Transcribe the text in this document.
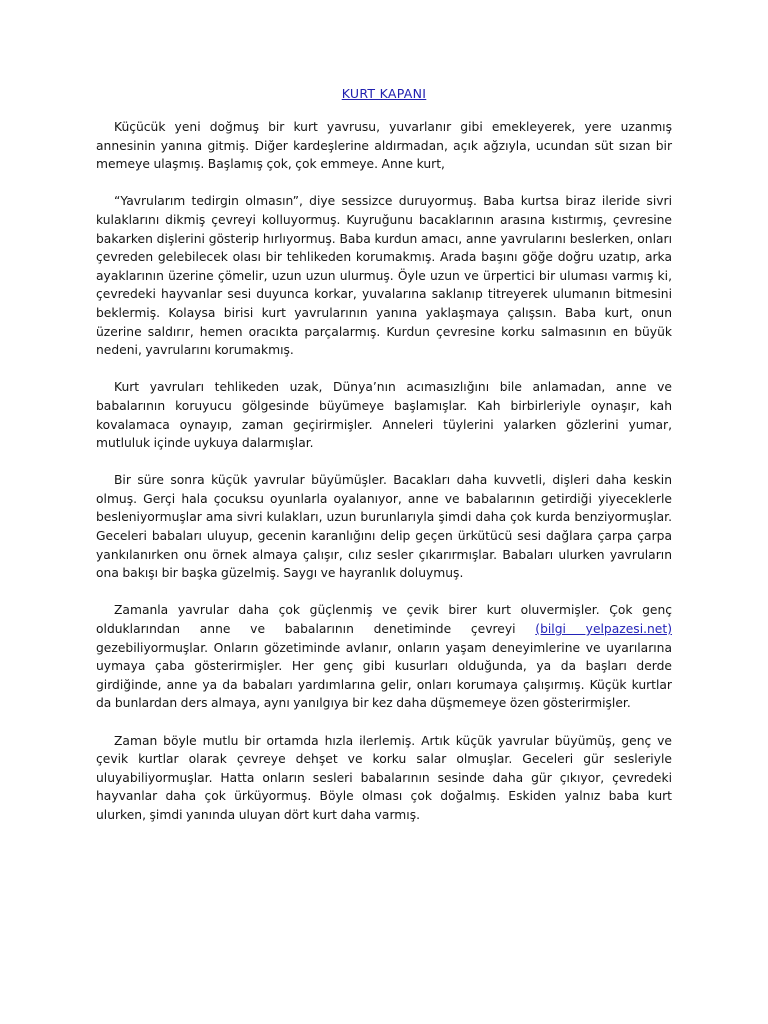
KURT KAPANI

Küçücük yeni doğmuş bir kurt yavrusu, yuvarlanır gibi emekleyerek, yere uzanmış annesinin yanına gitmiş. Diğer kardeşlerine aldırmadan, açık ağzıyla, ucundan süt sızan bir memeye ulaşmış. Başlamış çok, çok emmeye. Anne kurt,

“Yavrularım tedirgin olmasın”, diye sessizce duruyormuş. Baba kurtsa biraz ileride sivri kulaklarını dikmiş çevreyi kolluyormuş. Kuyruğunu bacaklarının arasına kıstırmış, çevresine bakarken dişlerini gösterip hırlıyormuş. Baba kurdun amacı, anne yavrularını beslerken, onları çevreden gelebilecek olası bir tehlikeden korumakmış. Arada başını göğe doğru uzatıp, arka ayaklarının üzerine çömelir, uzun uzun ulurmuş. Öyle uzun ve ürpertici bir uluması varmış ki, çevredeki hayvanlar sesi duyunca korkar, yuvalarına saklanıp titreyerek ulumanın bitmesini beklermiş. Kolaysa birisi kurt yavrularının yanına yaklaşmaya çalışsın. Baba kurt, onun üzerine saldırır, hemen oracıkta parçalarmış. Kurdun çevresine korku salmasının en büyük nedeni, yavrularını korumakmış.

Kurt yavruları tehlikeden uzak, Dünya’nın acımasızlığını bile anlamadan, anne ve babalarının koruyucu gölgesinde büyümeye başlamışlar. Kah birbirleriyle oynaşır, kah kovalamaca oynayıp, zaman geçirirmişler. Anneleri tüylerini yalarken gözlerini yumar, mutluluk içinde uykuya dalarmışlar.

Bir süre sonra küçük yavrular büyümüşler. Bacakları daha kuvvetli, dişleri daha keskin olmuş. Gerçi hala çocuksu oyunlarla oyalanıyor, anne ve babalarının getirdiği yiyeceklerle besleniyormuşlar ama sivri kulakları, uzun burunlarıyla şimdi daha çok kurda benziyormuşlar. Geceleri babaları uluyup, gecenin karanlığını delip geçen ürkütücü sesi dağlara çarpa çarpa yankılanırken onu örnek almaya çalışır, cılız sesler çıkarırmışlar. Babaları ulurken yavruların ona bakışı bir başka güzelmiş. Saygı ve hayranlık doluymuş.

Zamanla yavrular daha çok güçlenmiş ve çevik birer kurt oluvermişler. Çok genç olduklarından anne ve babalarının denetiminde çevreyi (bilgi yelpazesi.net) gezebiliyormuşlar. Onların gözetiminde avlanır, onların yaşam deneyimlerine ve uyarılarına uymaya çaba gösterirmişler. Her genç gibi kusurları olduğunda, ya da başları derde girdiğinde, anne ya da babaları yardımlarına gelir, onları korumaya çalışırmış. Küçük kurtlar da bunlardan ders almaya, aynı yanılgıya bir kez daha düşmemeye özen gösterirmişler.

Zaman böyle mutlu bir ortamda hızla ilerlemiş. Artık küçük yavrular büyümüş, genç ve çevik kurtlar olarak çevreye dehşet ve korku salar olmuşlar. Geceleri gür sesleriyle uluyabiliyormuşlar. Hatta onların sesleri babalarının sesinde daha gür çıkıyor, çevredeki hayvanlar daha çok ürküyormuş. Böyle olması çok doğalmış. Eskiden yalnız baba kurt ulurken, şimdi yanında uluyan dört kurt daha varmış.
